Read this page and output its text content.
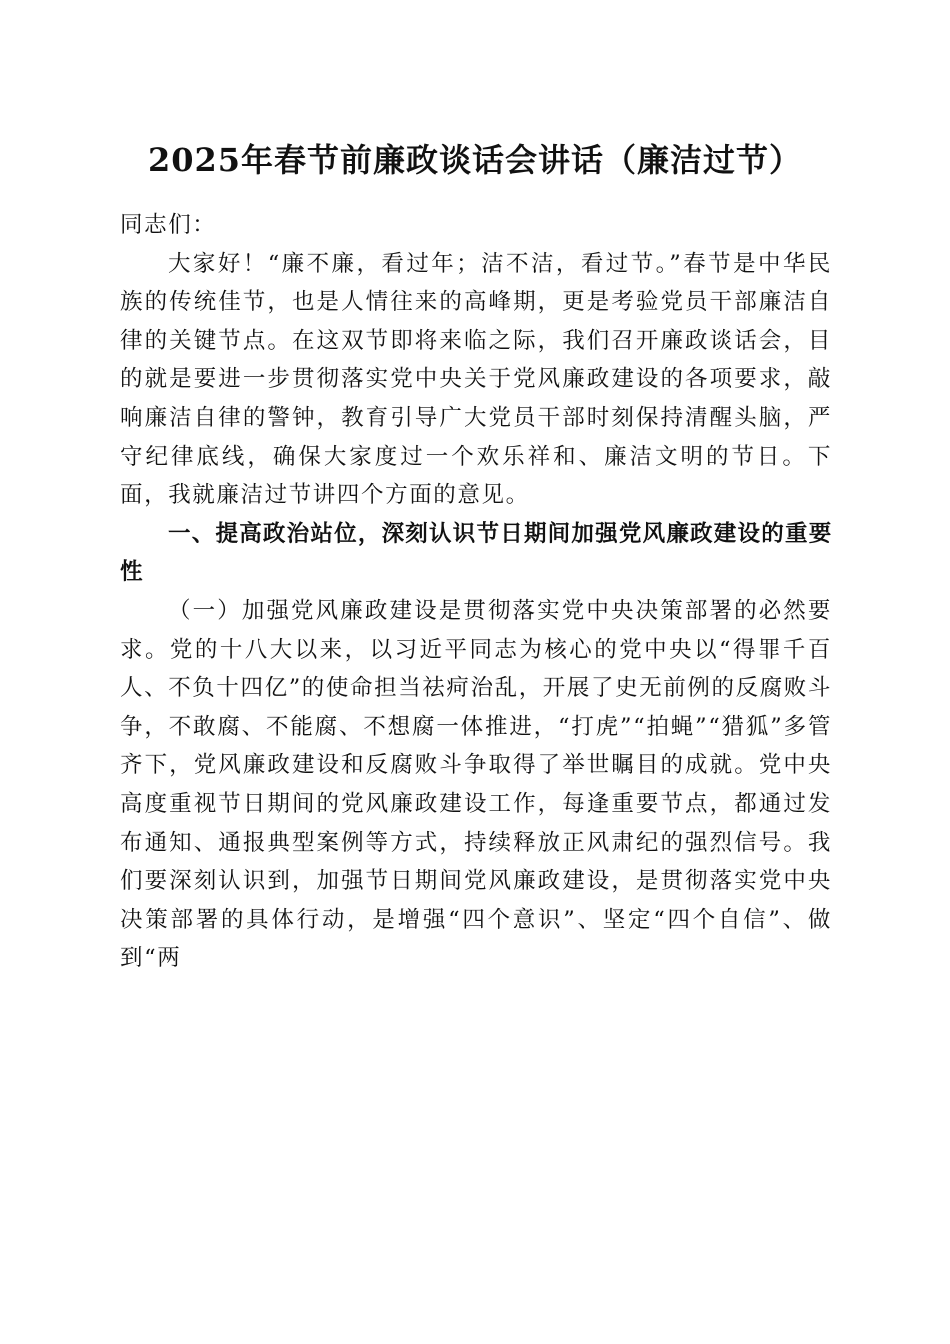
2025年春节前廉政谈话会讲话（廉洁过节）

同志们：

大家好！“廉不廉，看过年；洁不洁，看过节。”春节是中华民族的传统佳节，也是人情往来的高峰期，更是考验党员干部廉洁自律的关键节点。在这双节即将来临之际，我们召开廉政谈话会，目的就是要进一步贯彻落实党中央关于党风廉政建设的各项要求，敲响廉洁自律的警钟，教育引导广大党员干部时刻保持清醒头脑，严守纪律底线，确保大家度过一个欢乐祥和、廉洁文明的节日。下面，我就廉洁过节讲四个方面的意见。

一、提高政治站位，深刻认识节日期间加强党风廉政建设的重要性

（一）加强党风廉政建设是贯彻落实党中央决策部署的必然要求。党的十八大以来，以习近平同志为核心的党中央以“得罪千百人、不负十四亿”的使命担当祛疴治乱，开展了史无前例的反腐败斗争，不敢腐、不能腐、不想腐一体推进，“打虎”“拍蝇”“猎狐”多管齐下，党风廉政建设和反腐败斗争取得了举世瞩目的成就。党中央高度重视节日期间的党风廉政建设工作，每逢重要节点，都通过发布通知、通报典型案例等方式，持续释放正风肃纪的强烈信号。我们要深刻认识到，加强节日期间党风廉政建设，是贯彻落实党中央决策部署的具体行动，是增强“四个意识”、坚定“四个自信”、做到“两
